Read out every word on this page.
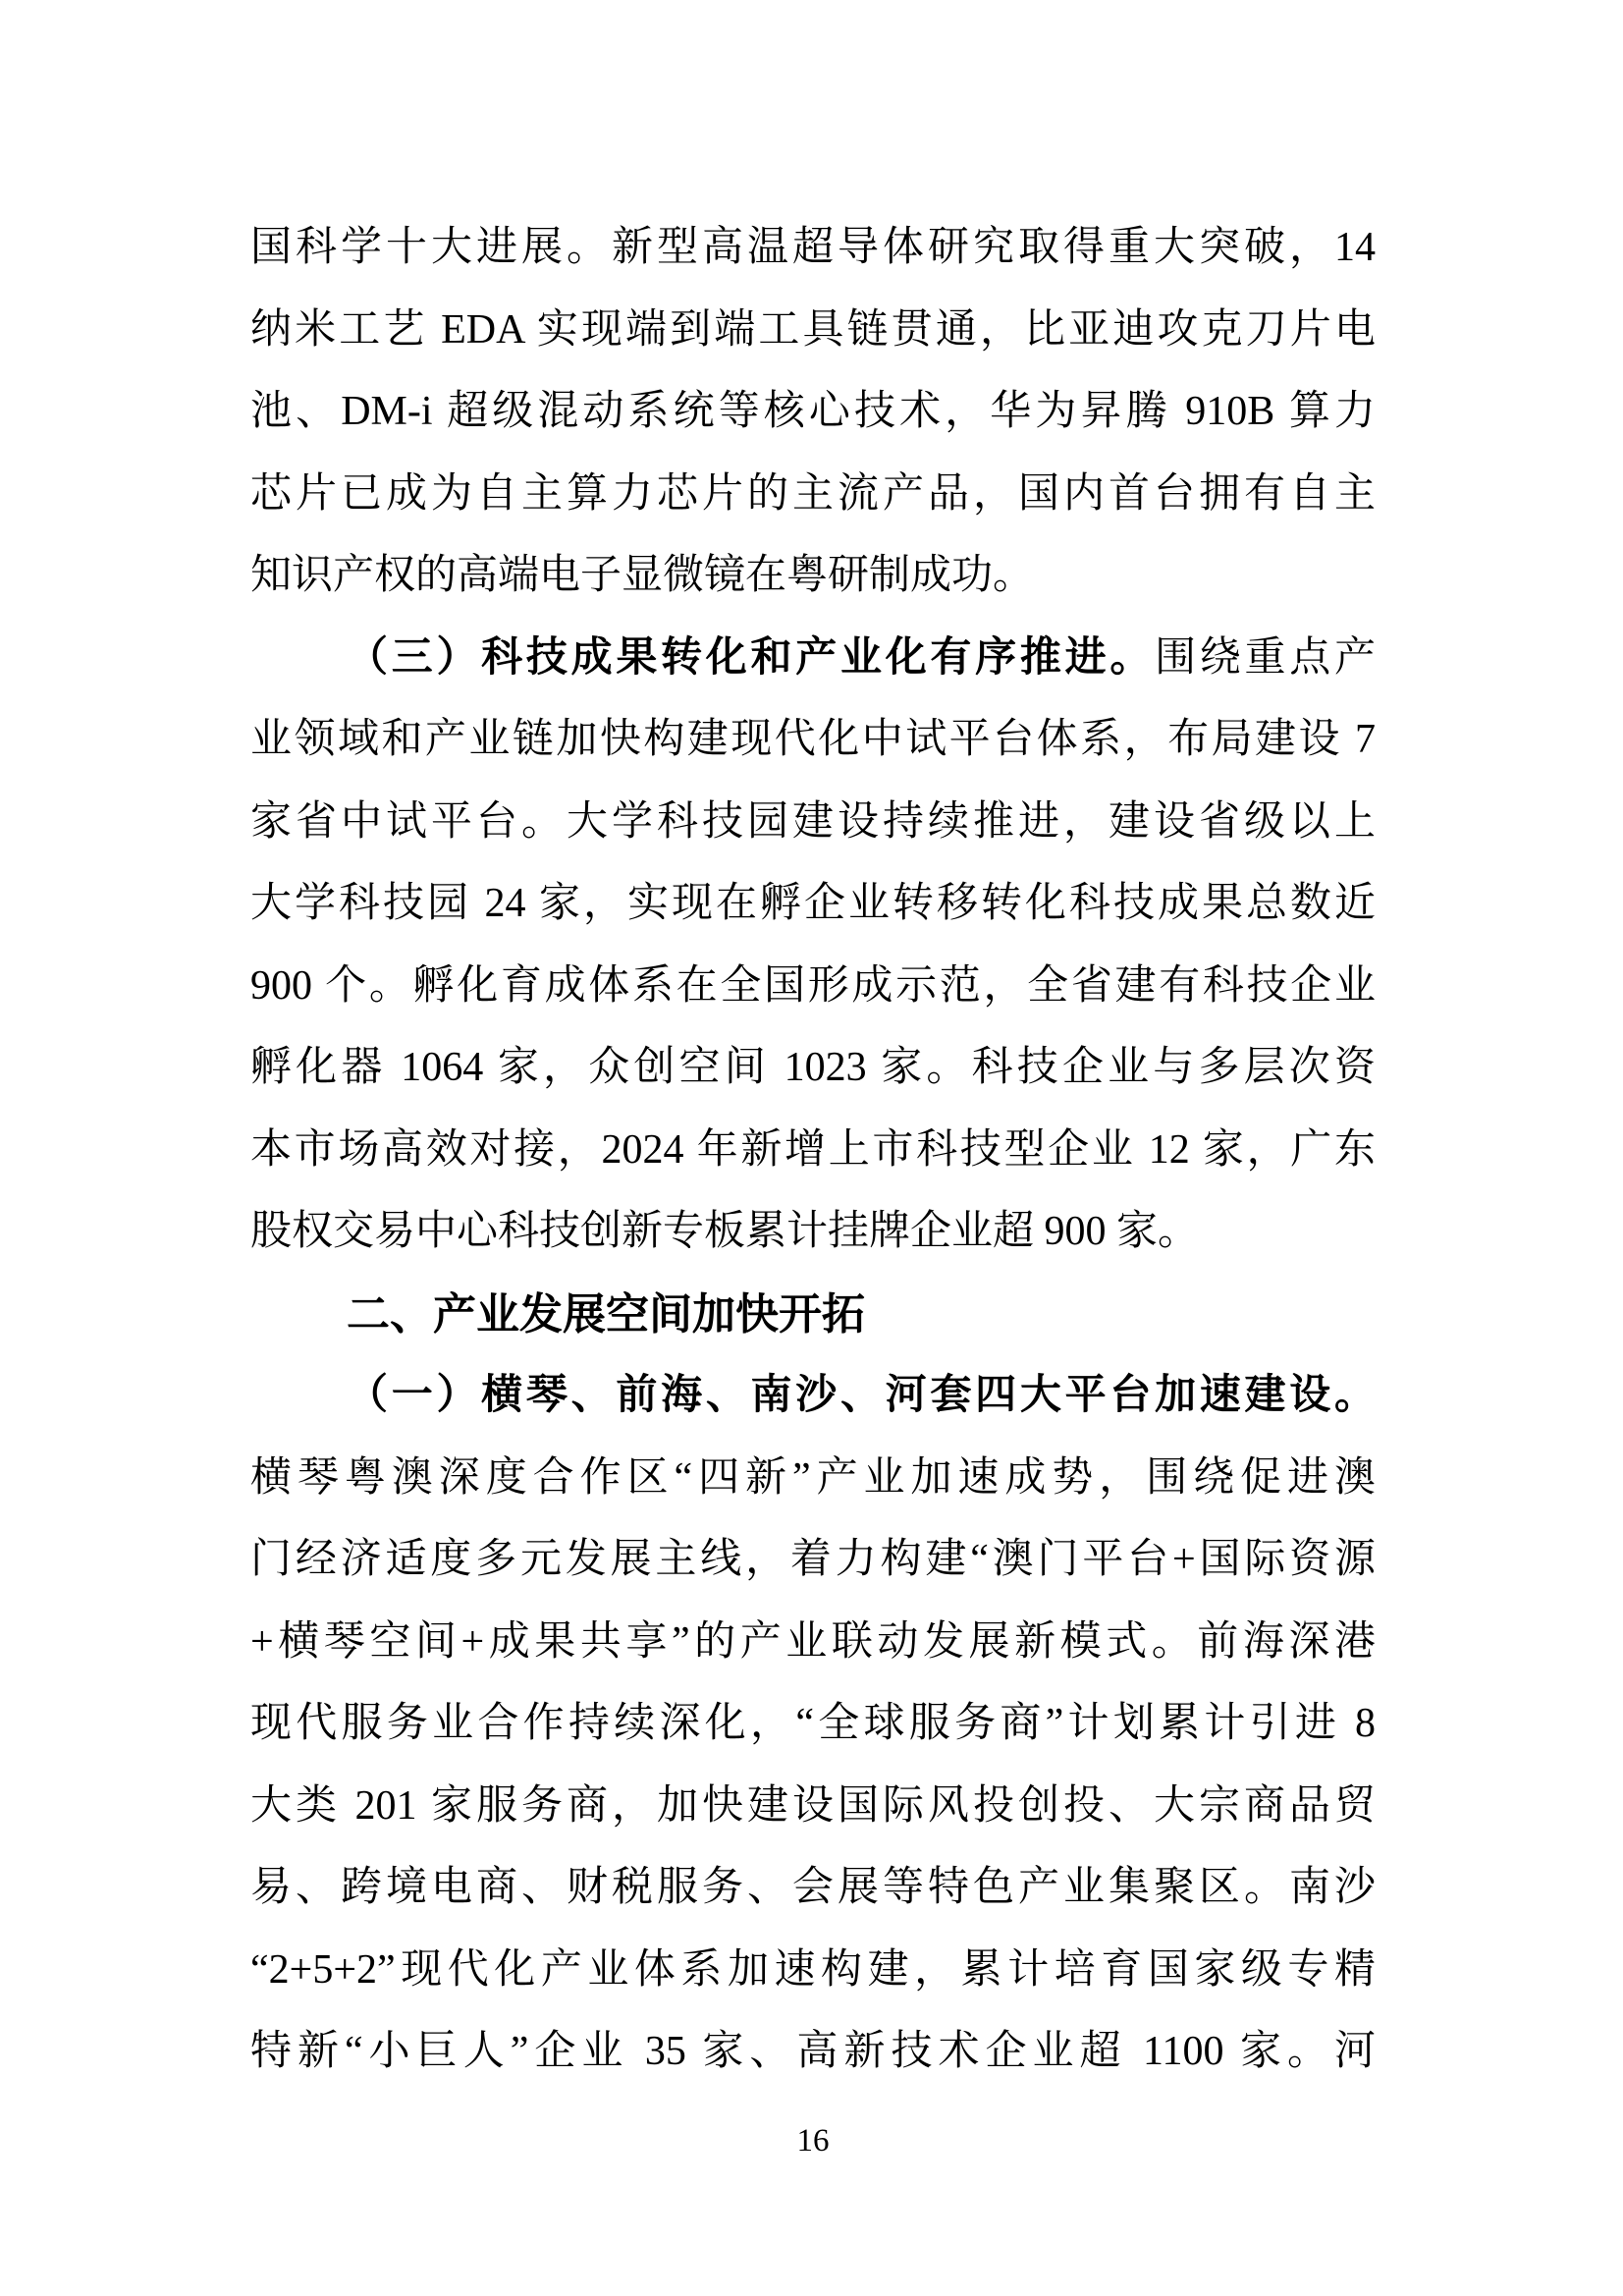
国科学十大进展。新型高温超导体研究取得重大突破，14

纳米工艺 EDA 实现端到端工具链贯通，比亚迪攻克刀片电

池、DM-i 超级混动系统等核心技术，华为昇腾 910B 算力

芯片已成为自主算力芯片的主流产品，国内首台拥有自主

知识产权的高端电子显微镜在粤研制成功。

（三）科技成果转化和产业化有序推进。围绕重点产

业领域和产业链加快构建现代化中试平台体系，布局建设 7

家省中试平台。大学科技园建设持续推进，建设省级以上

大学科技园 24 家，实现在孵企业转移转化科技成果总数近

900 个。孵化育成体系在全国形成示范，全省建有科技企业

孵化器 1064 家，众创空间 1023 家。科技企业与多层次资

本市场高效对接，2024 年新增上市科技型企业 12 家，广东

股权交易中心科技创新专板累计挂牌企业超 900 家。

二、产业发展空间加快开拓

（一）横琴、前海、南沙、河套四大平台加速建设。

横琴粤澳深度合作区“四新”产业加速成势，围绕促进澳

门经济适度多元发展主线，着力构建“澳门平台+国际资源

+横琴空间+成果共享”的产业联动发展新模式。前海深港

现代服务业合作持续深化，“全球服务商”计划累计引进 8

大类 201 家服务商，加快建设国际风投创投、大宗商品贸

易、跨境电商、财税服务、会展等特色产业集聚区。南沙

“2+5+2”现代化产业体系加速构建，累计培育国家级专精

特新“小巨人”企业 35 家、高新技术企业超 1100 家。河

16
